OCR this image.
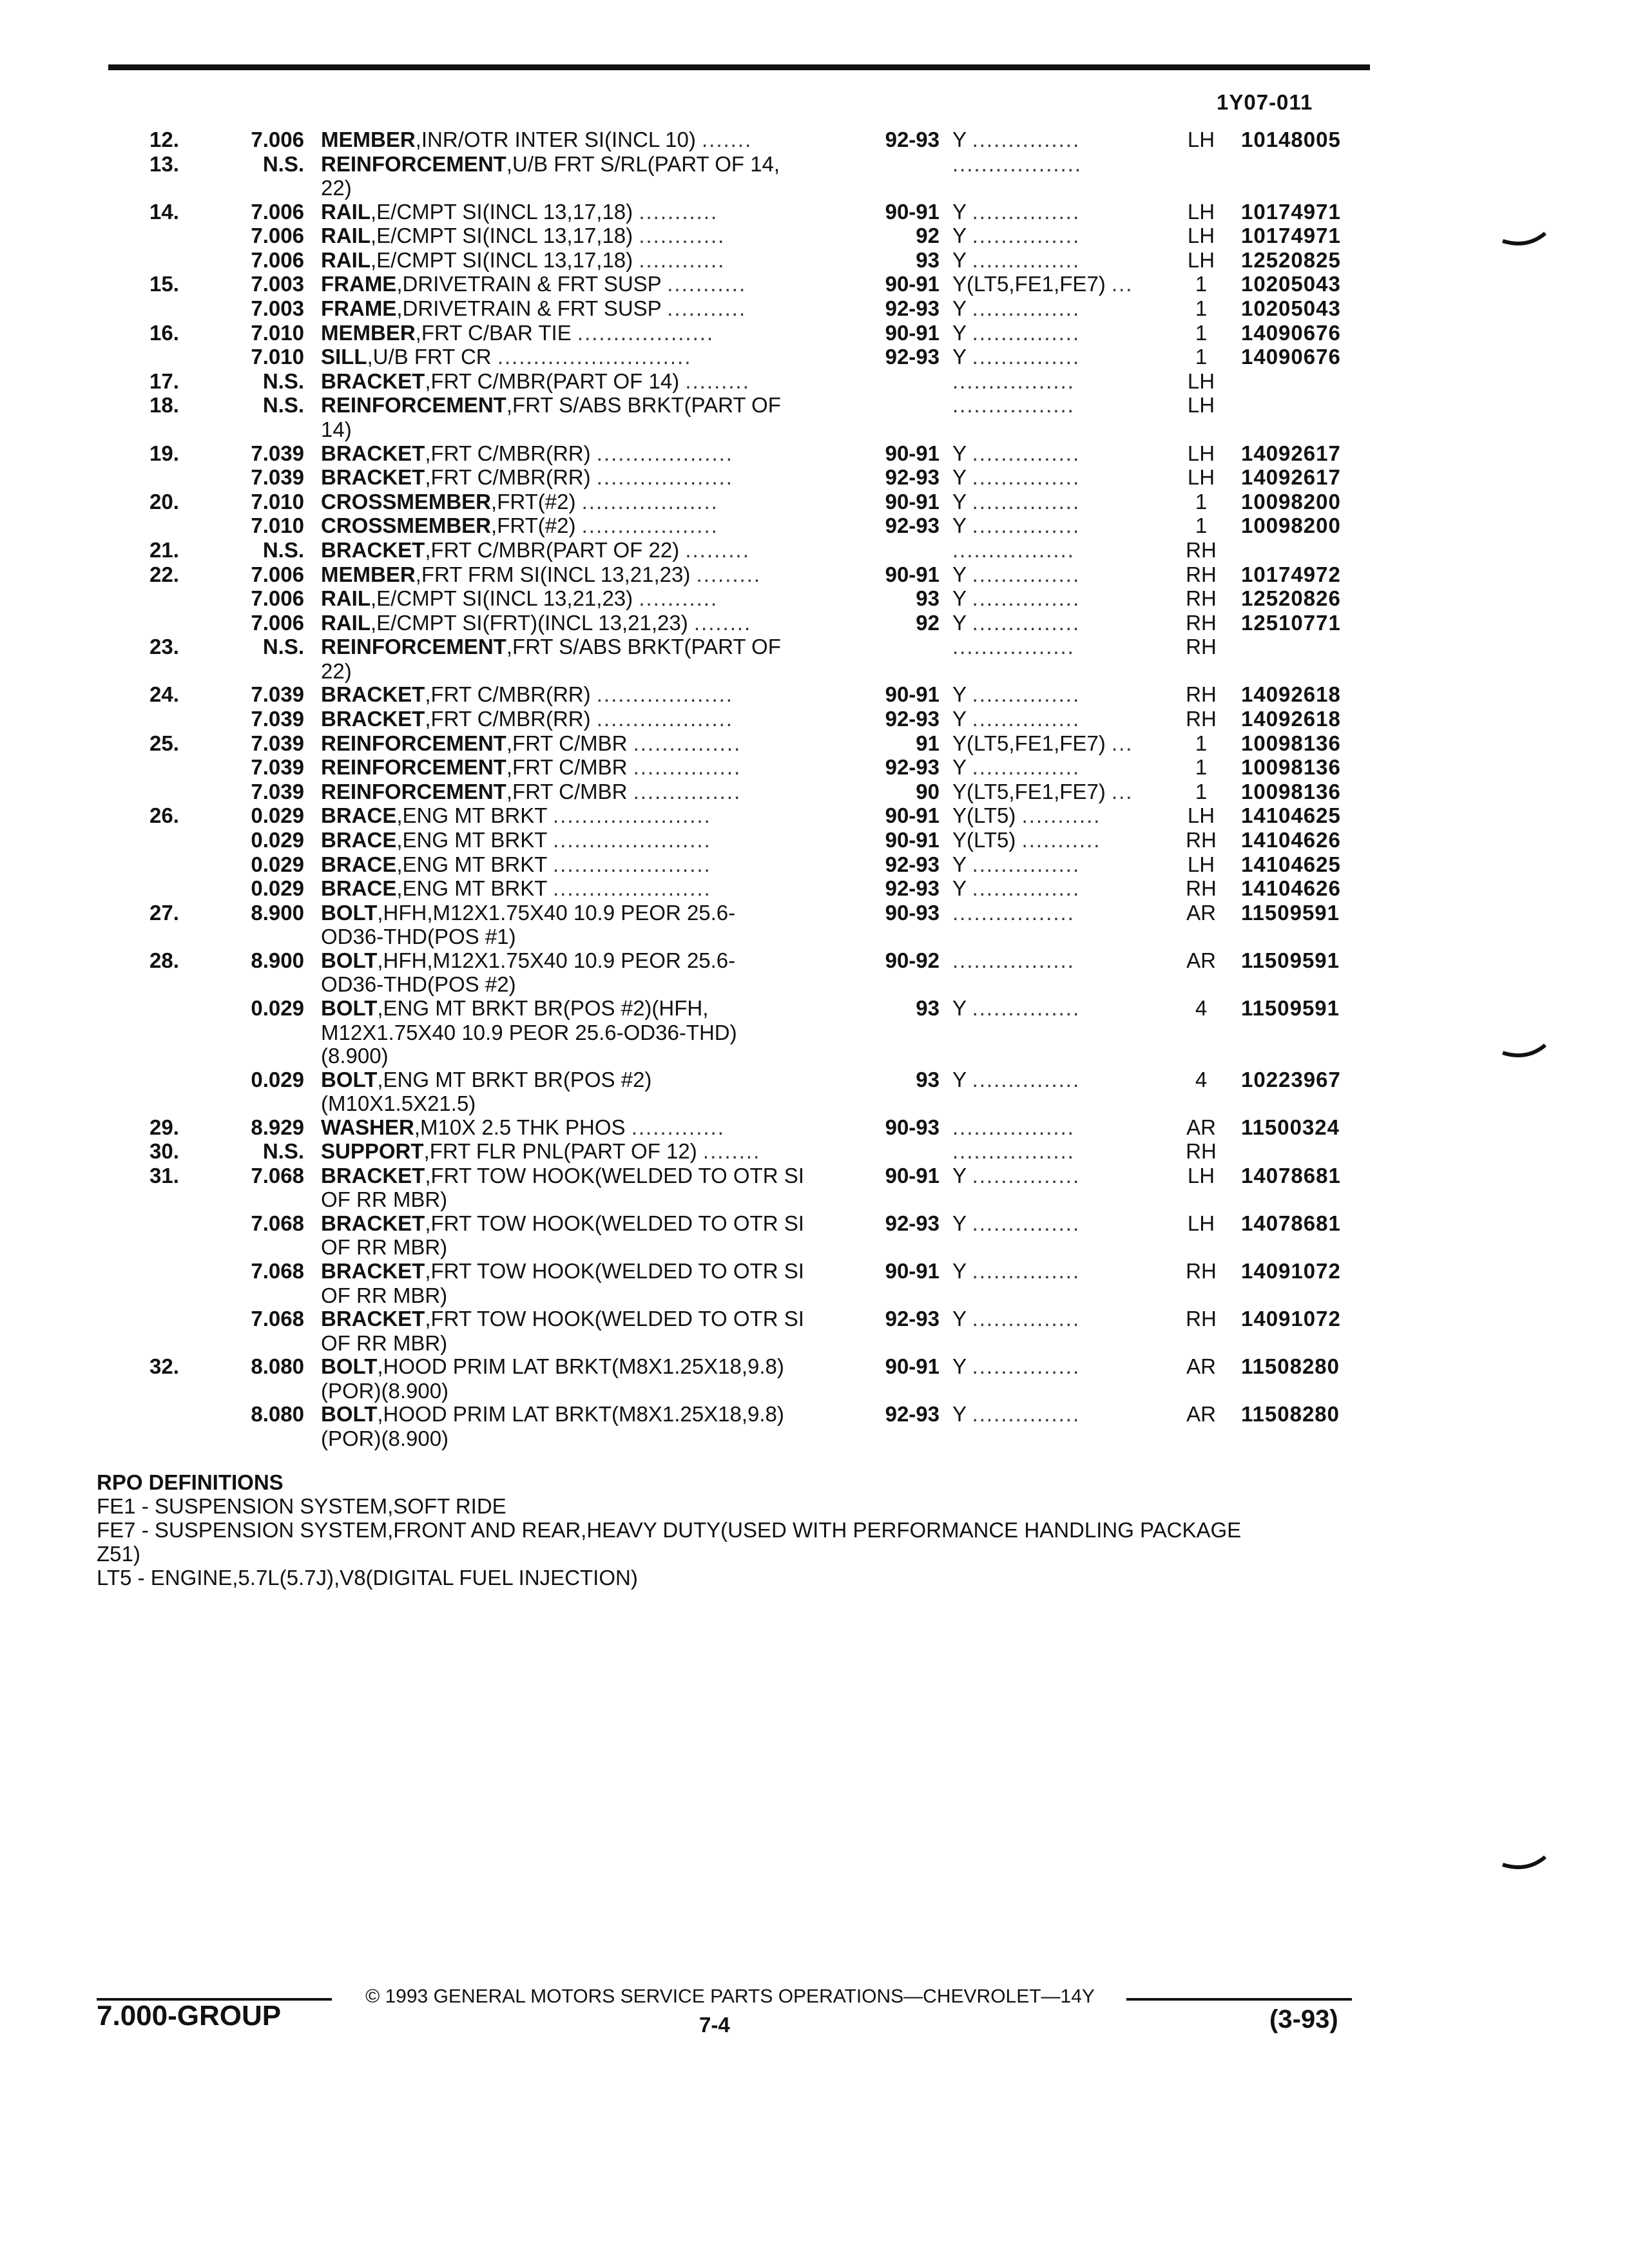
1Y07-011
12.	7.006 MEMBER,INR/OTR INTER SI(INCL 10) .......	92-93 Y ...............	LH	10148005
13.	N.S. REINFORCEMENT,U/B FRT S/RL(PART OF 14,	..................
22)
14.	7.006 RAIL,E/CMPT SI(INCL 13,17,18) ...........	90-91 Y ...............	LH	10174971
7.006 RAIL,E/CMPT SI(INCL 13,17,18) ............	92 Y ...............	LH	10174971
7.006 RAIL,E/CMPT SI(INCL 13,17,18) ............	93 Y ...............	LH	12520825
15.	7.003 FRAME,DRIVETRAIN & FRT SUSP ...........	90-91 Y(LT5,FE1,FE7) ...	1	10205043
7.003 FRAME,DRIVETRAIN & FRT SUSP ...........	92-93 Y ...............	1	10205043
16.	7.010 MEMBER,FRT C/BAR TIE ...................	90-91 Y ...............	1	14090676
7.010 SILL,U/B FRT CR ...........................	92-93 Y ...............	1	14090676
17.	N.S. BRACKET,FRT C/MBR(PART OF 14) .........	.................	LH
18.	N.S. REINFORCEMENT,FRT S/ABS BRKT(PART OF	.................	LH
14)
19.	7.039 BRACKET,FRT C/MBR(RR) ...................	90-91 Y ...............	LH	14092617
7.039 BRACKET,FRT C/MBR(RR) ...................	92-93 Y ...............	LH	14092617
20.	7.010 CROSSMEMBER,FRT(#2) ...................	90-91 Y ...............	1	10098200
7.010 CROSSMEMBER,FRT(#2) ...................	92-93 Y ...............	1	10098200
21.	N.S. BRACKET,FRT C/MBR(PART OF 22) .........	.................	RH
22.	7.006 MEMBER,FRT FRM SI(INCL 13,21,23) .........	90-91 Y ...............	RH 10174972
7.006 RAIL,E/CMPT SI(INCL 13,21,23) ...........	93 Y ...............	RH 12520826
7.006 RAIL,E/CMPT SI(FRT)(INCL 13,21,23) ........	92 Y ...............	RH 12510771
23.	N.S. REINFORCEMENT,FRT S/ABS BRKT(PART OF	.................	RH
22)
24.	7.039 BRACKET,FRT C/MBR(RR) ...................	90-91 Y ...............	RH 14092618
7.039 BRACKET,FRT C/MBR(RR) ...................	92-93 Y ...............	RH 14092618
25.	7.039 REINFORCEMENT,FRT C/MBR ...............	91 Y(LT5,FE1,FE7) ...	1	10098136
7.039 REINFORCEMENT,FRT C/MBR ...............	92-93 Y ...............	1	10098136
7.039 REINFORCEMENT,FRT C/MBR ...............	90 Y(LT5,FE1,FE7) ...	1	10098136
26.	0.029 BRACE,ENG MT BRKT ......................	90-91 Y(LT5) ...........	LH	14104625
0.029 BRACE,ENG MT BRKT ......................	90-91 Y(LT5) ...........	RH 14104626
0.029 BRACE,ENG MT BRKT ......................	92-93 Y ...............	LH	14104625
0.029 BRACE,ENG MT BRKT ......................	92-93 Y ...............	RH 14104626
27.	8.900 BOLT,HFH,M12X1.75X40 10.9 PEOR 25.6-	90-93 .................	AR 11509591
OD36-THD(POS #1)
28.	8.900 BOLT,HFH,M12X1.75X40 10.9 PEOR 25.6-	90-92 .................	AR 11509591
OD36-THD(POS #2)
0.029 BOLT,ENG MT BRKT BR(POS #2)(HFH,	93 Y ...............	4	11509591
M12X1.75X40 10.9 PEOR 25.6-OD36-THD)
(8.900)
0.029 BOLT,ENG MT BRKT BR(POS #2)	93 Y ...............	4	10223967
(M10X1.5X21.5)
29.	8.929 WASHER,M10X 2.5 THK PHOS .............	90-93 .................	AR 11500324
30.	N.S. SUPPORT,FRT FLR PNL(PART OF 12) ........	.................	RH
31.	7.068 BRACKET,FRT TOW HOOK(WELDED TO OTR SI	90-91 Y ...............	LH	14078681
OF RR MBR)
7.068 BRACKET,FRT TOW HOOK(WELDED TO OTR SI	92-93 Y ...............	LH	14078681
OF RR MBR)
7.068 BRACKET,FRT TOW HOOK(WELDED TO OTR SI	90-91 Y ...............	RH 14091072
OF RR MBR)
7.068 BRACKET,FRT TOW HOOK(WELDED TO OTR SI	92-93 Y ...............	RH 14091072
OF RR MBR)
32.	8.080 BOLT,HOOD PRIM LAT BRKT(M8X1.25X18,9.8)	90-91 Y ...............	AR 11508280
(POR)(8.900)
8.080 BOLT,HOOD PRIM LAT BRKT(M8X1.25X18,9.8)	92-93 Y ...............	AR 11508280
(POR)(8.900)
RPO DEFINITIONS
FE1 - SUSPENSION SYSTEM,SOFT RIDE
FE7 - SUSPENSION SYSTEM,FRONT AND REAR,HEAVY DUTY(USED WITH PERFORMANCE HANDLING PACKAGE
Z51)
LT5 - ENGINE,5.7L(5.7J),V8(DIGITAL FUEL INJECTION)
© 1993 GENERAL MOTORS SERVICE PARTS OPERATIONS—CHEVROLET—14Y
7.000-GROUP	7-4	(3-93)
